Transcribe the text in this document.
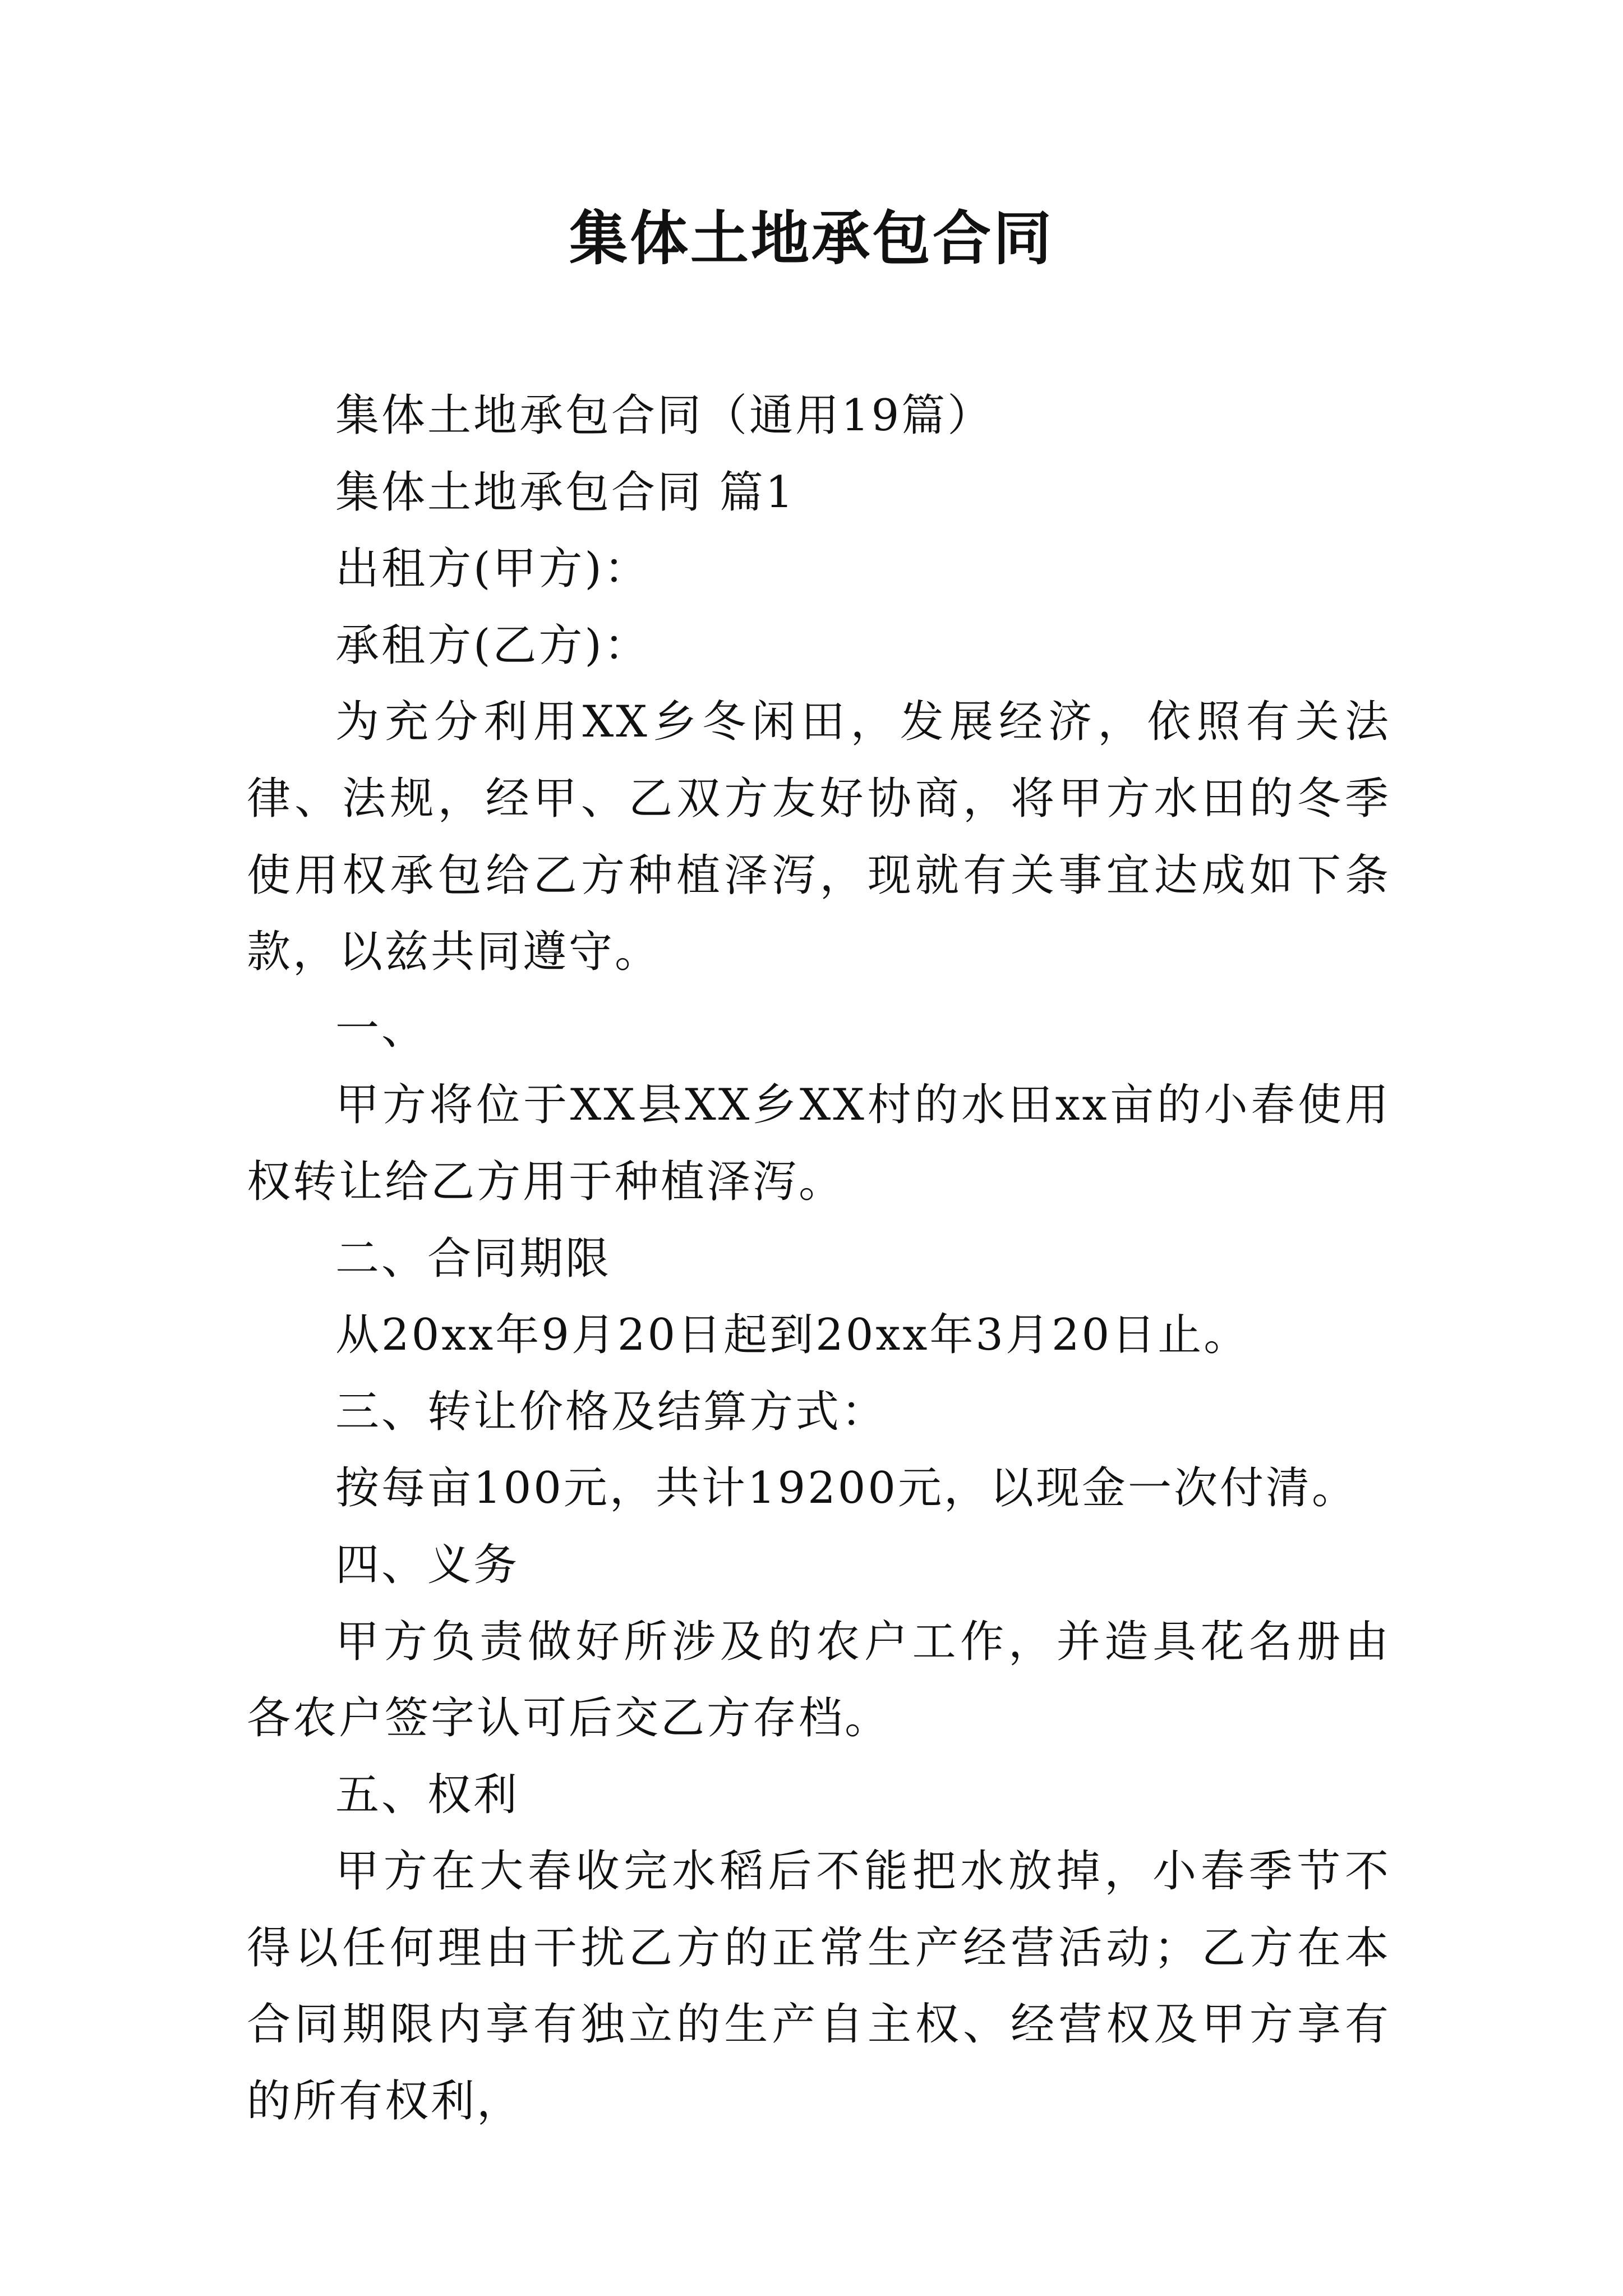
集体土地承包合同

集体土地承包合同（通用19篇）

集体土地承包合同 篇1

出租方(甲方)：

承租方(乙方)：

为充分利用XX乡冬闲田，发展经济，依照有关法律、法规，经甲、乙双方友好协商，将甲方水田的冬季使用权承包给乙方种植泽泻，现就有关事宜达成如下条款，以兹共同遵守。

一、

甲方将位于XX县XX乡XX村的水田xx亩的小春使用权转让给乙方用于种植泽泻。

二、合同期限

从20xx年9月20日起到20xx年3月20日止。

三、转让价格及结算方式：

按每亩100元，共计19200元，以现金一次付清。

四、义务

甲方负责做好所涉及的农户工作，并造具花名册由各农户签字认可后交乙方存档。

五、权利

甲方在大春收完水稻后不能把水放掉，小春季节不得以任何理由干扰乙方的正常生产经营活动；乙方在本合同期限内享有独立的生产自主权、经营权及甲方享有的所有权利，
